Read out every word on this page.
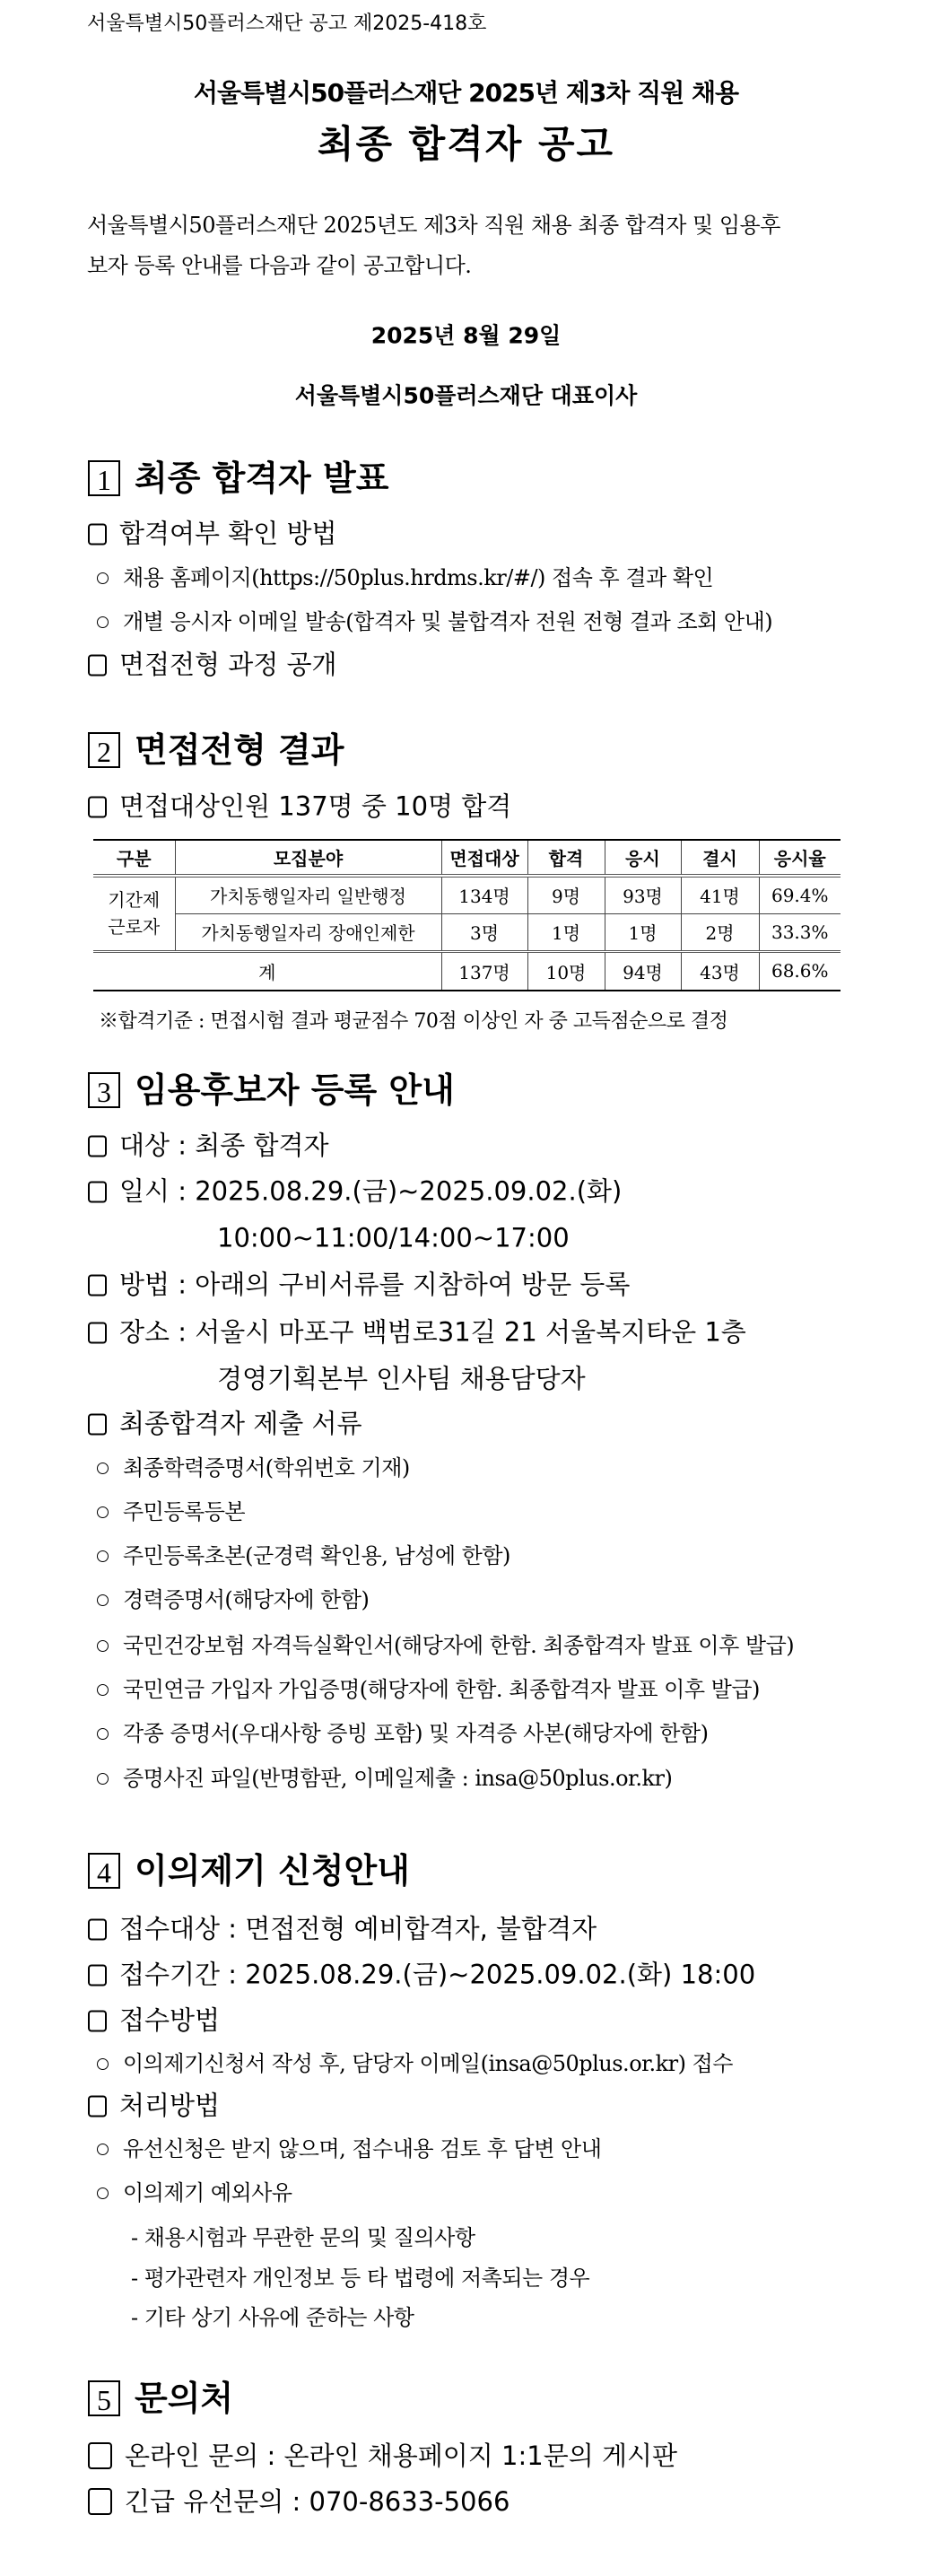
서울특별시50플러스재단 공고 제2025-418호
서울특별시50플러스재단 2025년 제3차 직원 채용
최종 합격자 공고
서울특별시50플러스재단 2025년도 제3차 직원 채용 최종 합격자 및 임용후
보자 등록 안내를 다음과 같이 공고합니다.
2025년 8월 29일
서울특별시50플러스재단 대표이사
1 최종 합격자 발표
합격여부 확인 방법
채용 홈페이지(https://50plus.hrdms.kr/#/) 접속 후 결과 확인
개별 응시자 이메일 발송(합격자 및 불합격자 전원 전형 결과 조회 안내)
면접전형 과정 공개
2 면접전형 결과
면접대상인원 137명 중 10명 합격
구분	모집분야	면접대상	합격	응시	결시	응시율
기간제 근로자	가치동행일자리 일반행정	134명	9명	93명	41명	69.4%
	가치동행일자리 장애인제한	3명	1명	1명	2명	33.3%
계		137명	10명	94명	43명	68.6%
※합격기준 : 면접시험 결과 평균점수 70점 이상인 자 중 고득점순으로 결정
3 임용후보자 등록 안내
대상 : 최종 합격자
일시 : 2025.08.29.(금)~2025.09.02.(화)
10:00~11:00/14:00~17:00
방법 : 아래의 구비서류를 지참하여 방문 등록
장소 : 서울시 마포구 백범로31길 21 서울복지타운 1층
경영기획본부 인사팀 채용담당자
최종합격자 제출 서류
최종학력증명서(학위번호 기재)
주민등록등본
주민등록초본(군경력 확인용, 남성에 한함)
경력증명서(해당자에 한함)
국민건강보험 자격득실확인서(해당자에 한함. 최종합격자 발표 이후 발급)
국민연금 가입자 가입증명(해당자에 한함. 최종합격자 발표 이후 발급)
각종 증명서(우대사항 증빙 포함) 및 자격증 사본(해당자에 한함)
증명사진 파일(반명함판, 이메일제출 : insa@50plus.or.kr)
4 이의제기 신청안내
접수대상 : 면접전형 예비합격자, 불합격자
접수기간 : 2025.08.29.(금)~2025.09.02.(화) 18:00
접수방법
이의제기신청서 작성 후, 담당자 이메일(insa@50plus.or.kr) 접수
처리방법
유선신청은 받지 않으며, 접수내용 검토 후 답변 안내
이의제기 예외사유
- 채용시험과 무관한 문의 및 질의사항
- 평가관련자 개인정보 등 타 법령에 저촉되는 경우
- 기타 상기 사유에 준하는 사항
5 문의처
온라인 문의 : 온라인 채용페이지 1:1문의 게시판
긴급 유선문의 : 070-8633-5066
